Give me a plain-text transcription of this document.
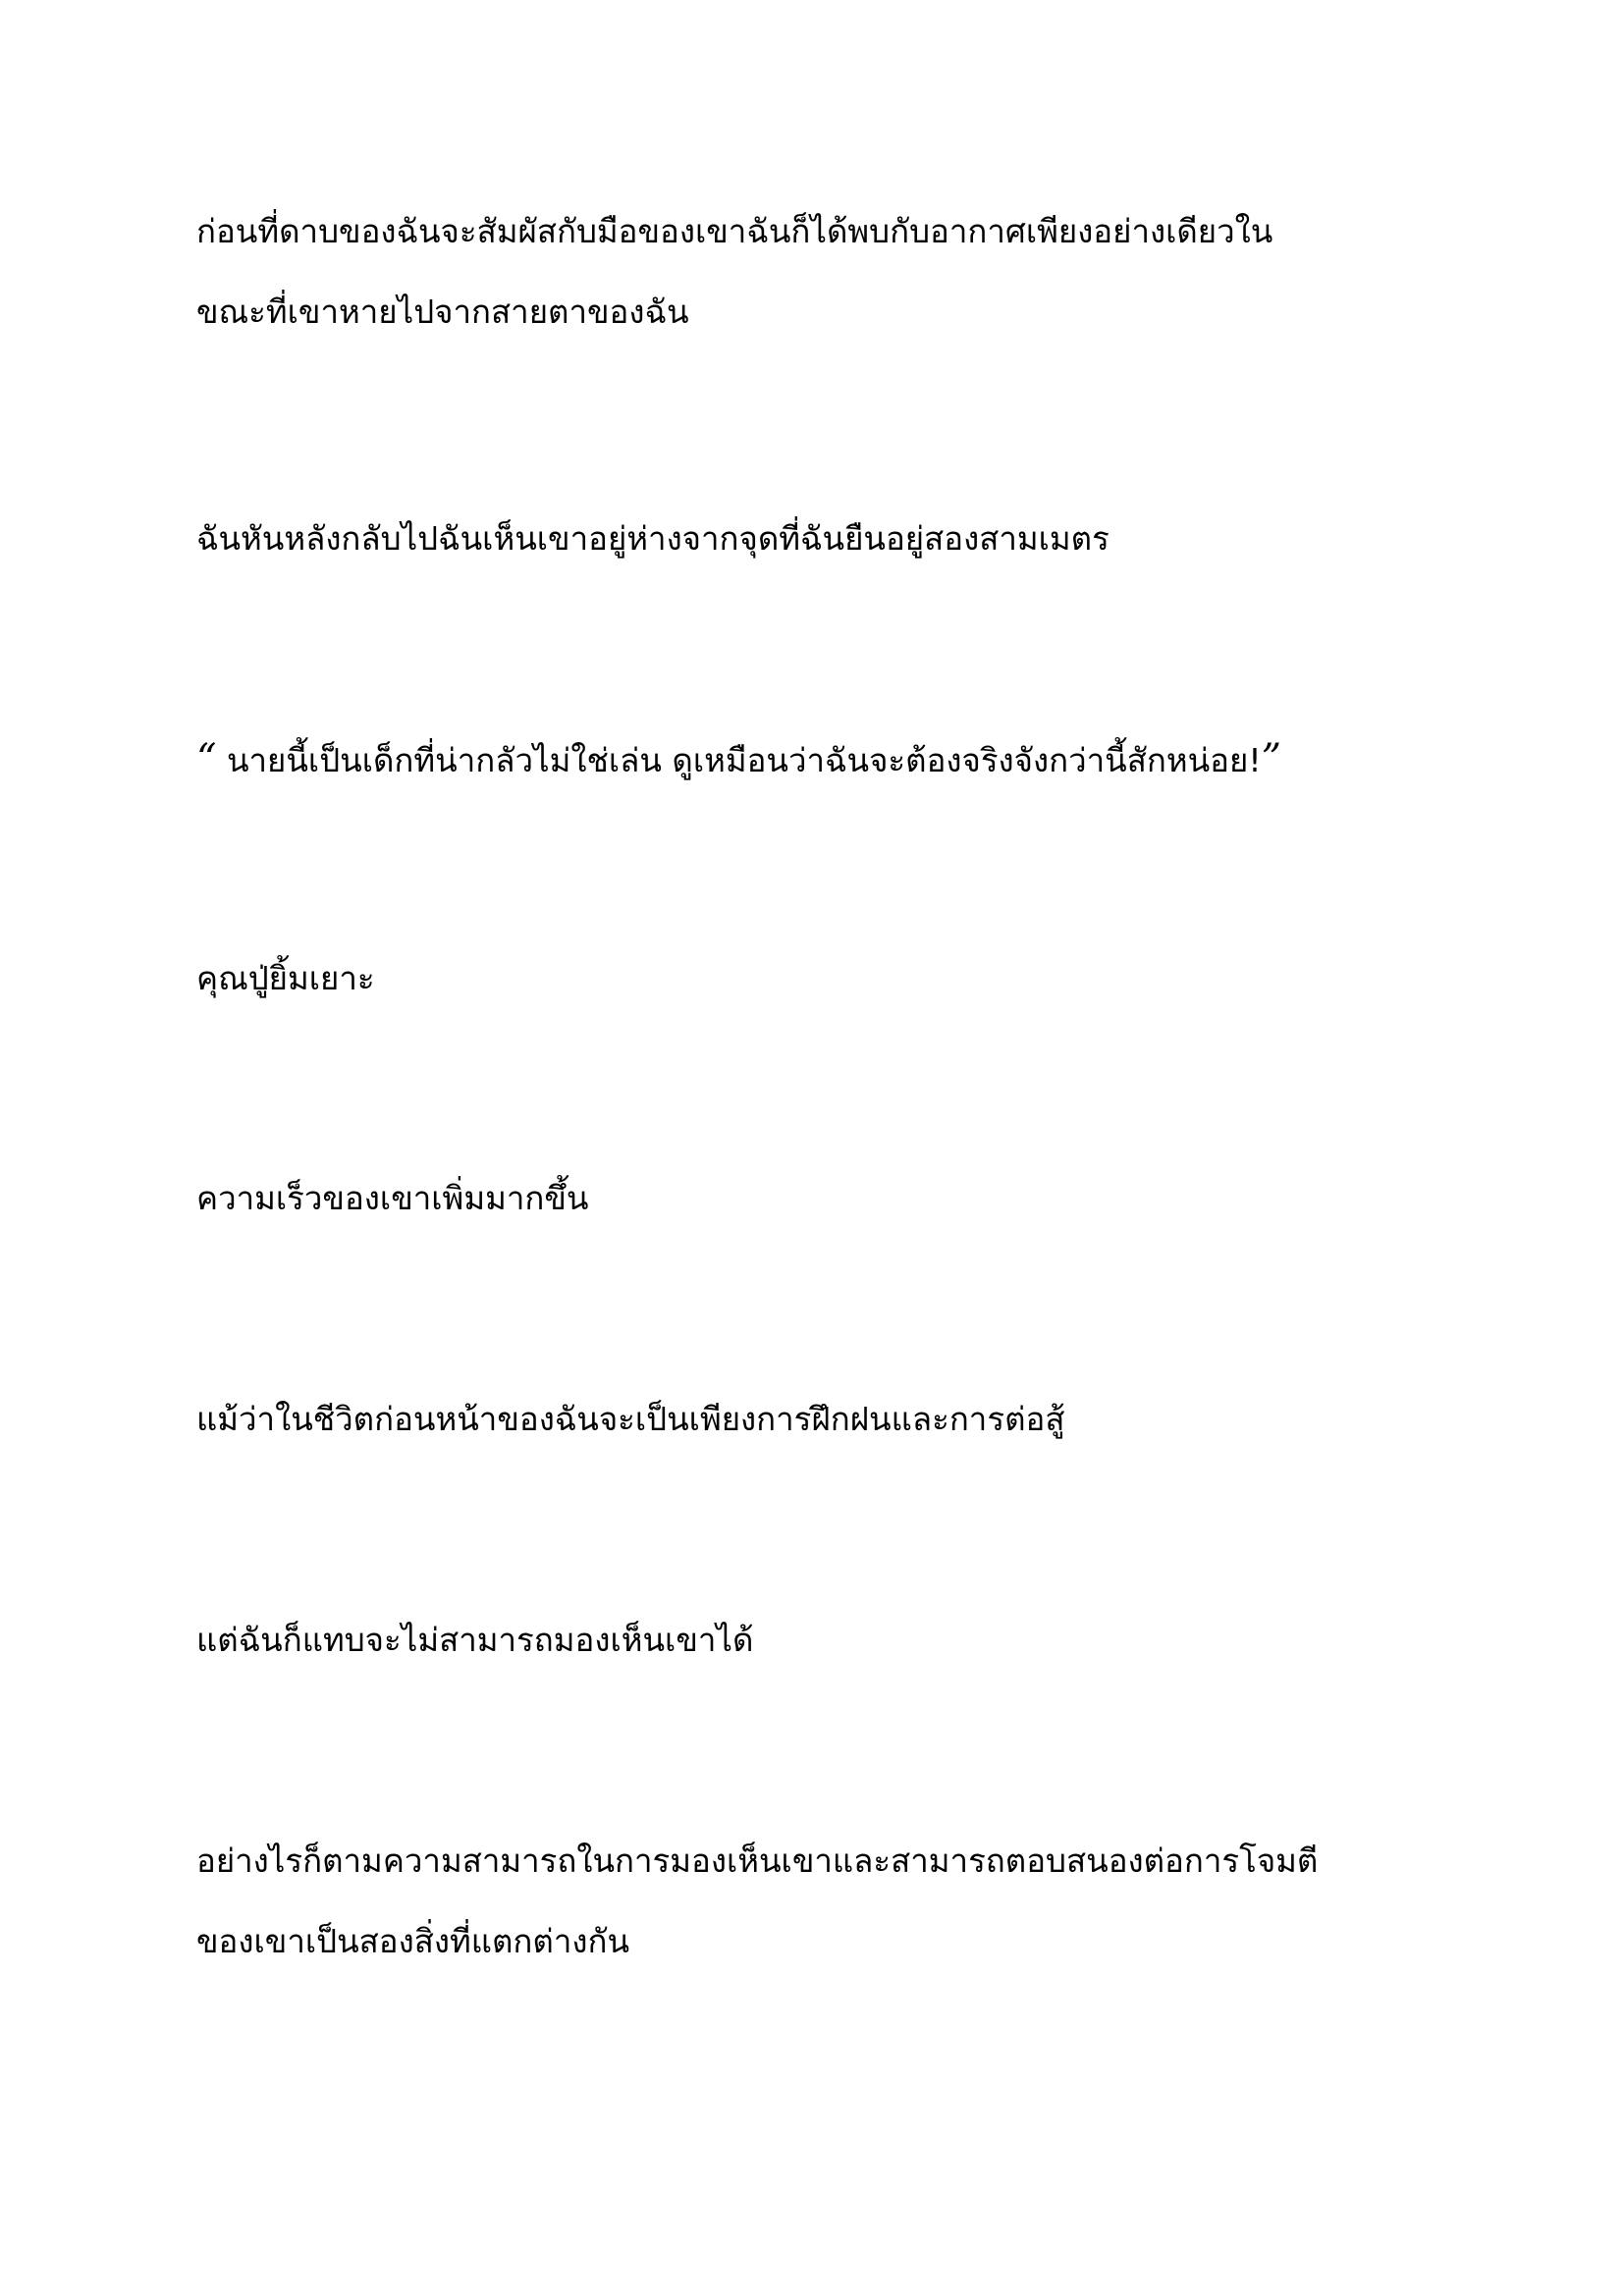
ก่อนที่ดาบของฉันจะสัมผัสกับมือของเขาฉันก็ได้พบกับอากาศเพียงอย่างเดียวใน
ขณะที่เขาหายไปจากสายตาของฉัน

ฉันหันหลังกลับไปฉันเห็นเขาอยู่ห่างจากจุดที่ฉันยืนอยู่สองสามเมตร

“ นายนี้เป็นเด็กที่น่ากลัวไม่ใช่เล่น ดูเหมือนว่าฉันจะต้องจริงจังกว่านี้สักหน่อย!”

คุณปู่ยิ้มเยาะ

ความเร็วของเขาเพิ่มมากขึ้น

แม้ว่าในชีวิตก่อนหน้าของฉันจะเป็นเพียงการฝึกฝนและการต่อสู้

แต่ฉันก็แทบจะไม่สามารถมองเห็นเขาได้

อย่างไรก็ตามความสามารถในการมองเห็นเขาและสามารถตอบสนองต่อการโจมตี
ของเขาเป็นสองสิ่งที่แตกต่างกัน
